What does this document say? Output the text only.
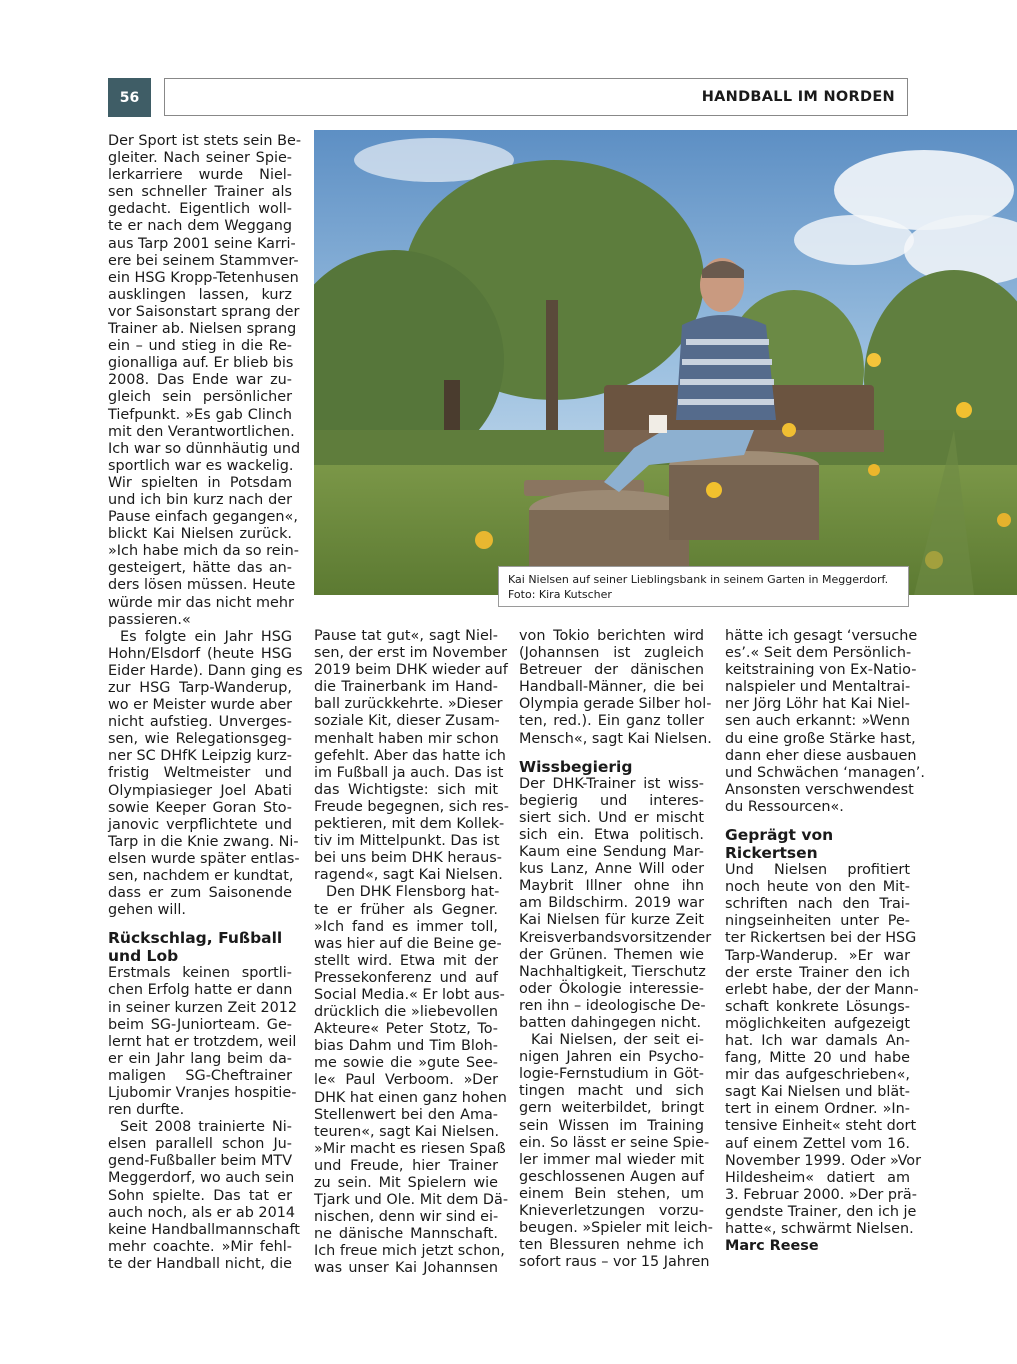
56	HANDBALL IM NORDEN
Kai Nielsen auf seiner Lieblingsbank in seinem Garten in Meggerdorf.
Foto: Kira Kutscher
Der Sport ist stets sein Be-
gleiter. Nach seiner Spie-
lerkarriere wurde Niel-
sen schneller Trainer als
gedacht. Eigentlich woll-
te er nach dem Weggang
aus Tarp 2001 seine Karri-
ere bei seinem Stammver-
ein HSG Kropp-Tetenhusen
ausklingen lassen, kurz
vor Saisonstart sprang der
Trainer ab. Nielsen sprang
ein – und stieg in die Re-
gionalliga auf. Er blieb bis
2008. Das Ende war zu-
gleich sein persönlicher
Tiefpunkt. »Es gab Clinch
mit den Verantwortlichen.
Ich war so dünnhäutig und
sportlich war es wackelig.
Wir spielten in Potsdam
und ich bin kurz nach der
Pause einfach gegangen«,
blickt Kai Nielsen zurück.
»Ich habe mich da so rein-
gesteigert, hätte das an-
ders lösen müssen. Heute
würde mir das nicht mehr
passieren.«
Es folgte ein Jahr HSG
Hohn/Elsdorf (heute HSG
Eider Harde). Dann ging es
zur HSG Tarp-Wanderup,
wo er Meister wurde aber
nicht aufstieg. Unverges-
sen, wie Relegationsgeg-
ner SC DHfK Leipzig kurz-
fristig Weltmeister und
Olympiasieger Joel Abati
sowie Keeper Goran Sto-
janovic verpflichtete und
Tarp in die Knie zwang. Ni-
elsen wurde später entlas-
sen, nachdem er kundtat,
dass er zum Saisonende
gehen will.
Rückschlag, Fußball
und Lob
Erstmals keinen sportli-
chen Erfolg hatte er dann
in seiner kurzen Zeit 2012
beim SG-Juniorteam. Ge-
lernt hat er trotzdem, weil
er ein Jahr lang beim da-
maligen SG-Cheftrainer
Ljubomir Vranjes hospitie-
ren durfte.
Seit 2008 trainierte Ni-
elsen parallell schon Ju-
gend-Fußballer beim MTV
Meggerdorf, wo auch sein
Sohn spielte. Das tat er
auch noch, als er ab 2014
keine Handballmannschaft
mehr coachte. »Mir fehl-
te der Handball nicht, die
Pause tat gut«, sagt Niel-
sen, der erst im November
2019 beim DHK wieder auf
die Trainerbank im Hand-
ball zurückkehrte. »Dieser
soziale Kit, dieser Zusam-
menhalt haben mir schon
gefehlt. Aber das hatte ich
im Fußball ja auch. Das ist
das Wichtigste: sich mit
Freude begegnen, sich res-
pektieren, mit dem Kollek-
tiv im Mittelpunkt. Das ist
bei uns beim DHK heraus-
ragend«, sagt Kai Nielsen.
Den DHK Flensborg hat-
te er früher als Gegner.
»Ich fand es immer toll,
was hier auf die Beine ge-
stellt wird. Etwa mit der
Pressekonferenz und auf
Social Media.« Er lobt aus-
drücklich die »liebevollen
Akteure« Peter Stotz, To-
bias Dahm und Tim Bloh-
me sowie die »gute See-
le« Paul Verboom. »Der
DHK hat einen ganz hohen
Stellenwert bei den Ama-
teuren«, sagt Kai Nielsen.
»Mir macht es riesen Spaß
und Freude, hier Trainer
zu sein. Mit Spielern wie
Tjark und Ole. Mit dem Dä-
nischen, denn wir sind ei-
ne dänische Mannschaft.
Ich freue mich jetzt schon,
was unser Kai Johannsen
von Tokio berichten wird
(Johannsen ist zugleich
Betreuer der dänischen
Handball-Männer, die bei
Olympia gerade Silber hol-
ten, red.). Ein ganz toller
Mensch«, sagt Kai Nielsen.
Wissbegierig
Der DHK-Trainer ist wiss-
begierig und interes-
siert sich. Und er mischt
sich ein. Etwa politisch.
Kaum eine Sendung Mar-
kus Lanz, Anne Will oder
Maybrit Illner ohne ihn
am Bildschirm. 2019 war
Kai Nielsen für kurze Zeit
Kreisverbandsvorsitzender
der Grünen. Themen wie
Nachhaltigkeit, Tierschutz
oder Ökologie interessie-
ren ihn – ideologische De-
batten dahingegen nicht.
Kai Nielsen, der seit ei-
nigen Jahren ein Psycho-
logie-Fernstudium in Göt-
tingen macht und sich
gern weiterbildet, bringt
sein Wissen im Training
ein. So lässt er seine Spie-
ler immer mal wieder mit
geschlossenen Augen auf
einem Bein stehen, um
Knieverletzungen vorzu-
beugen. »Spieler mit leich-
ten Blessuren nehme ich
sofort raus – vor 15 Jahren
hätte ich gesagt ‘versuche
es’.« Seit dem Persönlich-
keitstraining von Ex-Natio-
nalspieler und Mentaltrai-
ner Jörg Löhr hat Kai Niel-
sen auch erkannt: »Wenn
du eine große Stärke hast,
dann eher diese ausbauen
und Schwächen ‘managen’.
Ansonsten verschwendest
du Ressourcen«.
Geprägt von
Rickertsen
Und Nielsen profitiert
noch heute von den Mit-
schriften nach den Trai-
ningseinheiten unter Pe-
ter Rickertsen bei der HSG
Tarp-Wanderup. »Er war
der erste Trainer den ich
erlebt habe, der der Mann-
schaft konkrete Lösungs-
möglichkeiten aufgezeigt
hat. Ich war damals An-
fang, Mitte 20 und habe
mir das aufgeschrieben«,
sagt Kai Nielsen und blät-
tert in einem Ordner. »In-
tensive Einheit« steht dort
auf einem Zettel vom 16.
November 1999. Oder »Vor
Hildesheim« datiert am
3. Februar 2000. »Der prä-
gendste Trainer, den ich je
hatte«, schwärmt Nielsen.
Marc Reese
